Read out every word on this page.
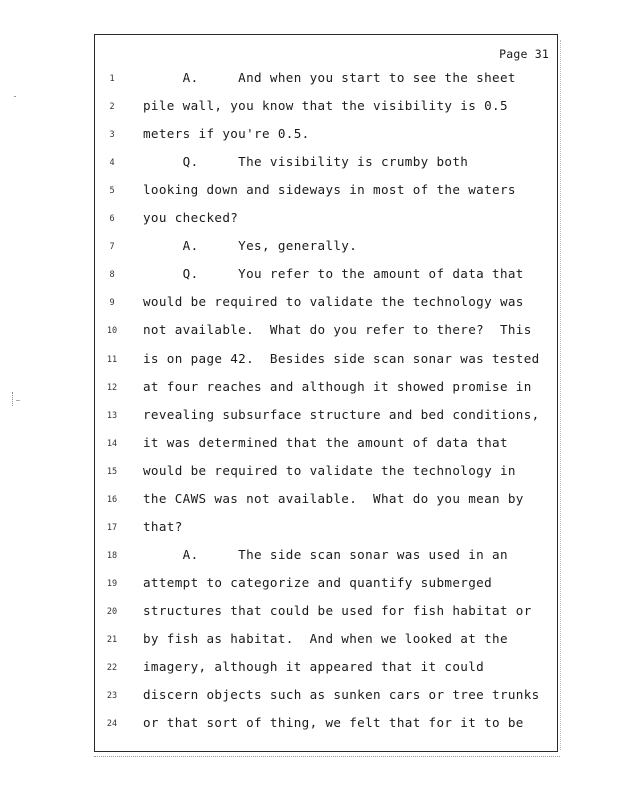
Page 31
1	A.     And when you start to see the sheet
2	pile wall, you know that the visibility is 0.5
3	meters if you're 0.5.
4	Q.     The visibility is crumby both
5	looking down and sideways in most of the waters
6	you checked?
7	A.     Yes, generally.
8	Q.     You refer to the amount of data that
9	would be required to validate the technology was
10	not available.  What do you refer to there?  This
11	is on page 42.  Besides side scan sonar was tested
12	at four reaches and although it showed promise in
13	revealing subsurface structure and bed conditions,
14	it was determined that the amount of data that
15	would be required to validate the technology in
16	the CAWS was not available.  What do you mean by
17	that?
18	A.     The side scan sonar was used in an
19	attempt to categorize and quantify submerged
20	structures that could be used for fish habitat or
21	by fish as habitat.  And when we looked at the
22	imagery, although it appeared that it could
23	discern objects such as sunken cars or tree trunks
24	or that sort of thing, we felt that for it to be
